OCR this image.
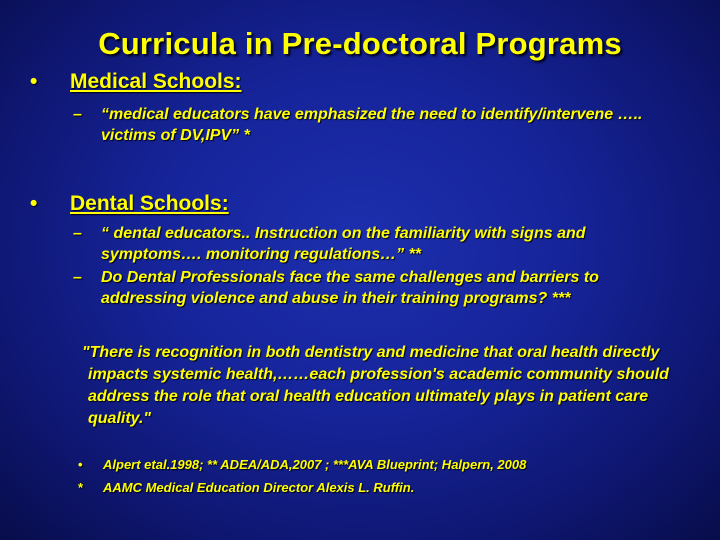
Curricula in Pre-doctoral Programs
• Medical Schools:
–	“medical educators have emphasized the need to identify/intervene ….. victims of DV,IPV” *
• Dental Schools:
–	“ dental educators.. Instruction on the familiarity with signs and symptoms…. monitoring regulations…” **
–	Do Dental Professionals face the same challenges and barriers to addressing violence and abuse in their training programs? ***
"There is recognition in both dentistry and medicine that oral health directly impacts systemic health,……each profession's academic community should address the role that oral health education ultimately plays in patient care quality."
• Alpert etal.1998; ** ADEA/ADA,2007 ; ***AVA Blueprint; Halpern, 2008
* AAMC Medical Education Director Alexis L. Ruffin.
